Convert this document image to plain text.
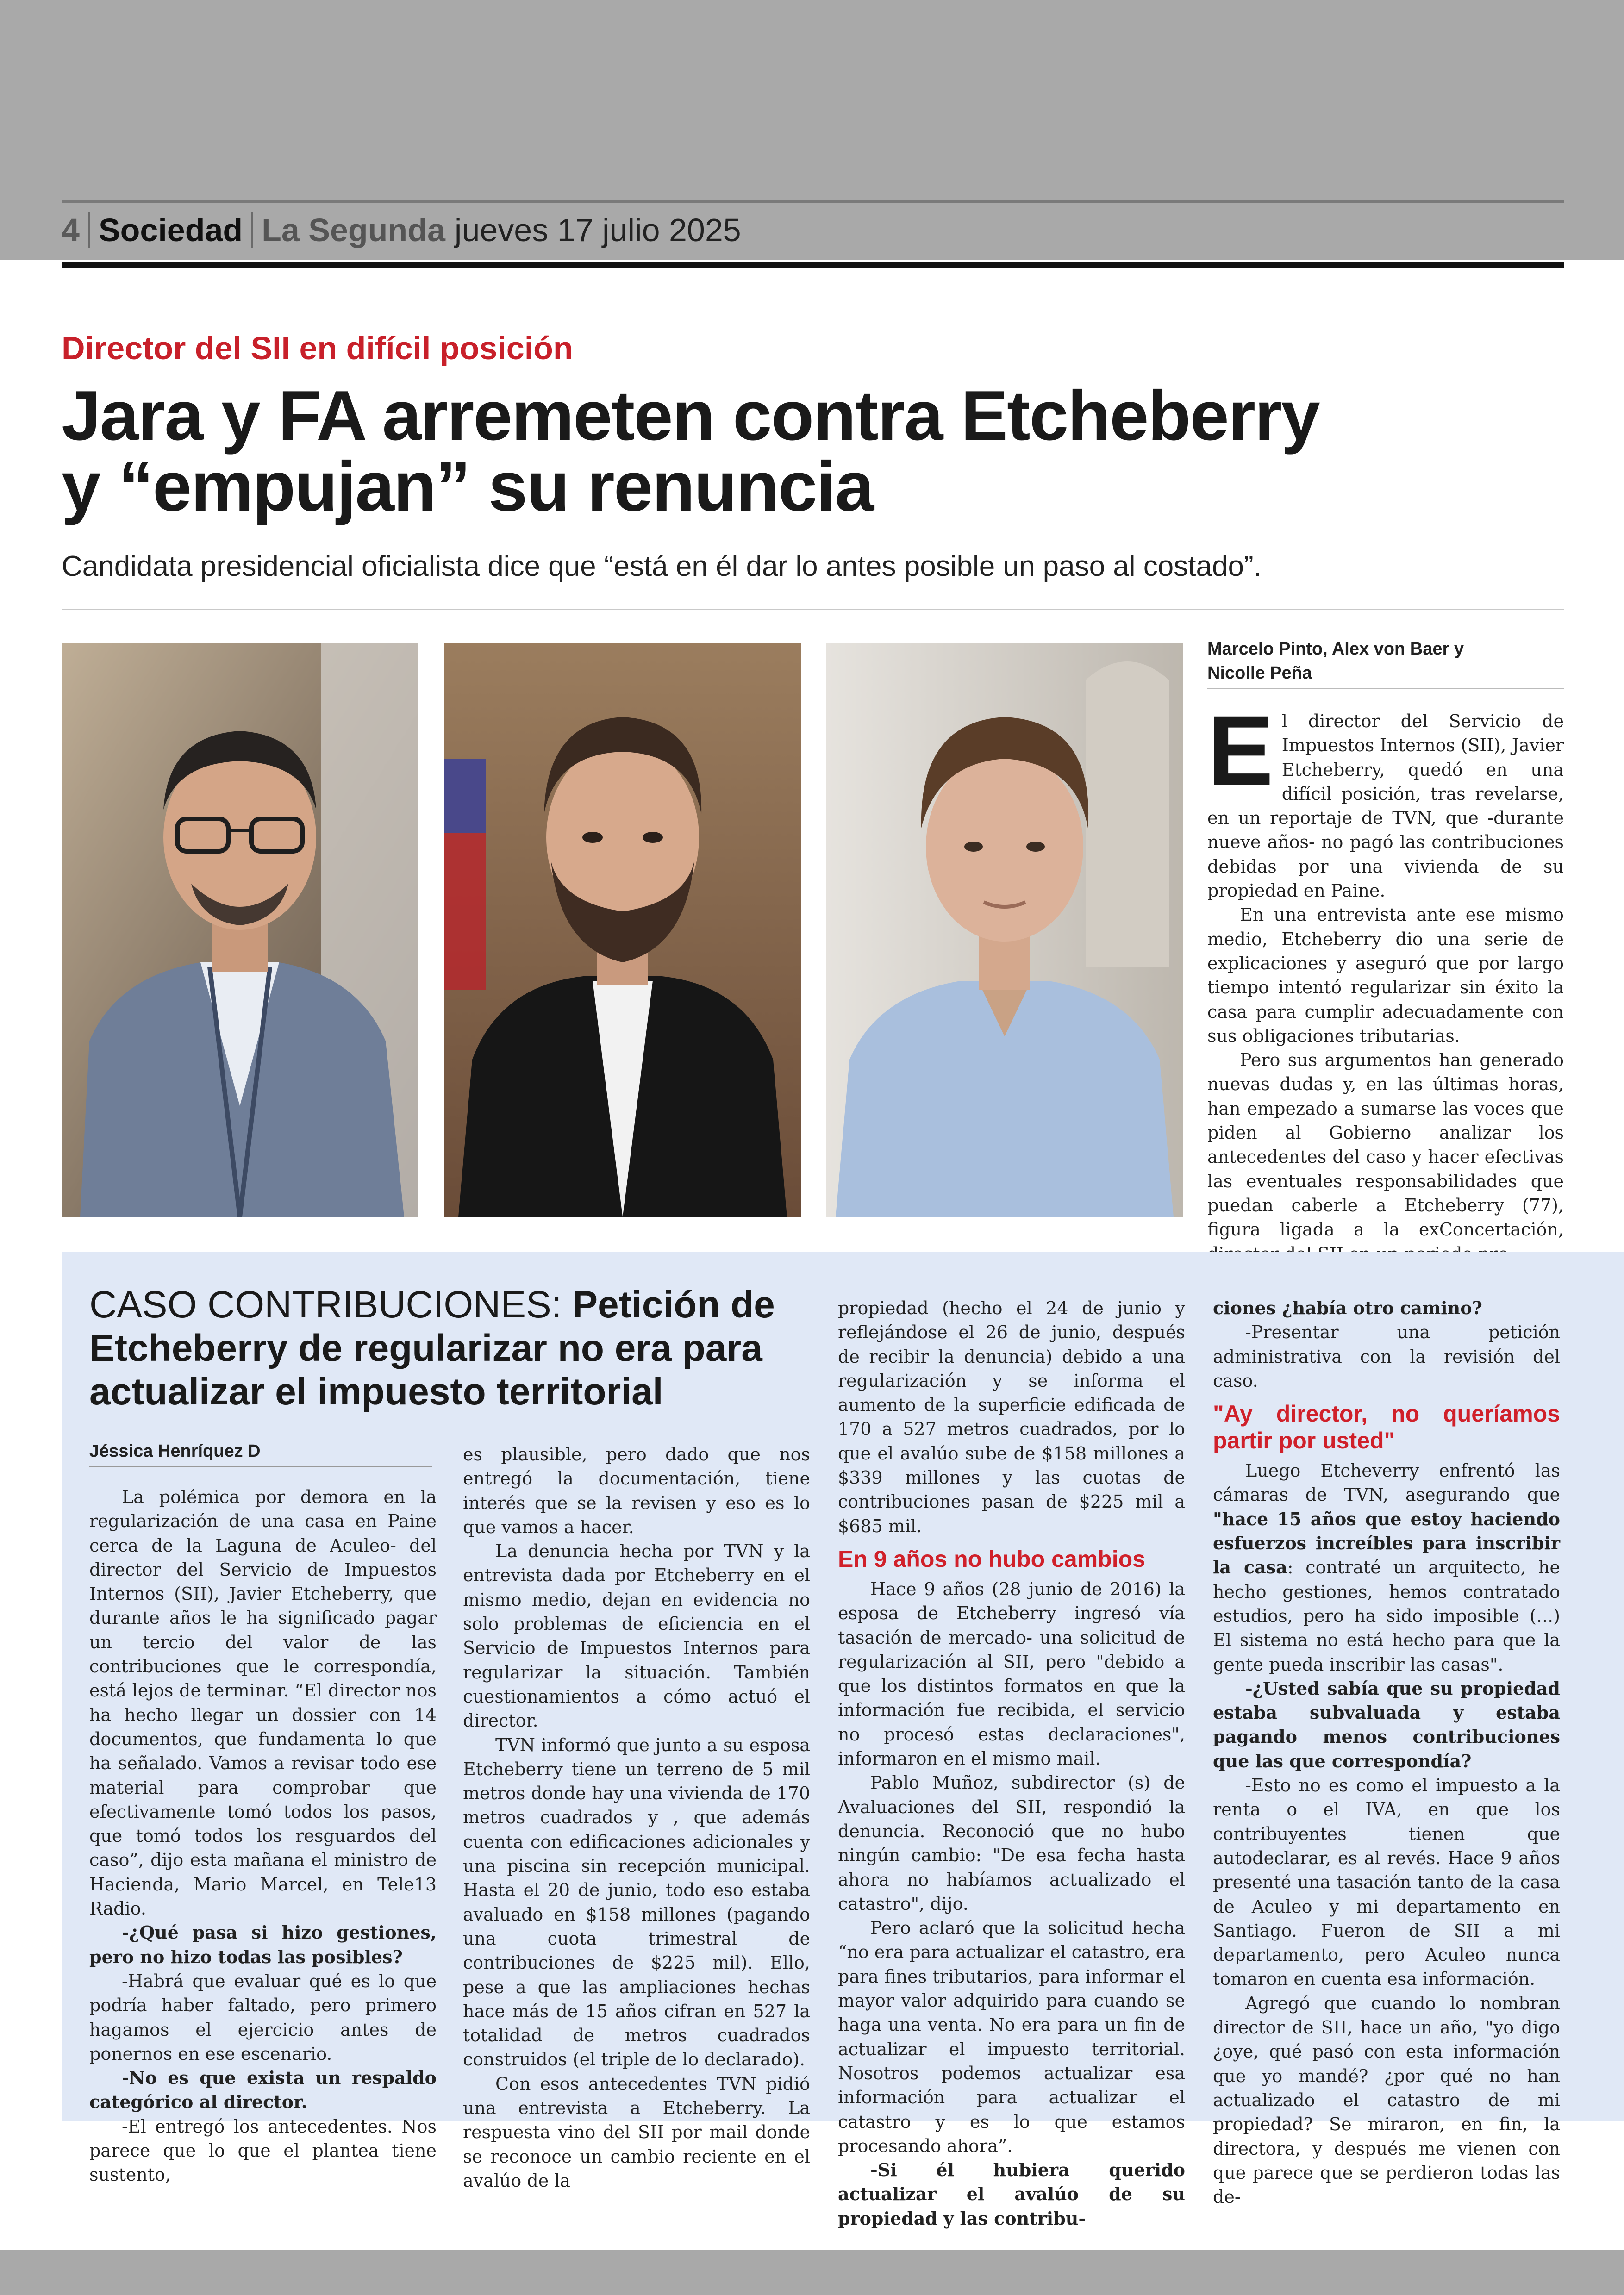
4 Sociedad La Segunda jueves 17 julio 2025
Director del SII en difícil posición
Jara y FA arremeten contra Etcheberry
y “empujan” su renuncia
Candidata presidencial oficialista dice que “está en él dar lo antes posible un paso al costado”.
Marcelo Pinto, Alex von Baer y
Nicolle Peña

El director del Servicio de Impuestos Internos (SII), Javier Etcheberry, quedó en una difícil posición, tras revelarse, en un reportaje de TVN, que -durante nueve años- no pagó las contribuciones debidas por una vivienda de su propiedad en Paine.

En una entrevista ante ese mismo medio, Etcheberry dio una serie de explicaciones y aseguró que por largo tiempo intentó regularizar sin éxito la casa para cumplir adecuadamente con sus obligaciones tributarias.

Pero sus argumentos han generado nuevas dudas y, en las últimas horas, han empezado a sumarse las voces que piden al Gobierno analizar los antecedentes del caso y hacer efectivas las eventuales responsabilidades que puedan caberle a Etcheberry (77), figura ligada a la exConcertación,

CASO CONTRIBUCIONES: Petición de Etcheberry de regularizar no era para actualizar el impuesto territorial
Jéssica Henríquez D

La polémica por demora en la regularización de una casa en Paine cerca de la Laguna de Aculeo- del director del Servicio de Impuestos Internos (SII), Javier Etcheberry, que durante años le ha significado pagar un tercio del valor de las contribuciones que le correspondía, está lejos de terminar. “El director nos ha hecho llegar un dossier con 14 documentos, que fundamenta lo que ha señalado. Vamos a revisar todo ese material para comprobar que efectivamente tomó todos los pasos, que tomó todos los resguardos del caso”, dijo esta mañana el ministro de Hacienda, Mario Marcel, en Tele13 Radio.

-¿Qué pasa si hizo gestiones, pero no hizo todas las posibles?

-Habrá que evaluar qué es lo que podría haber faltado, pero primero hagamos el ejercicio antes de ponernos en ese escenario.

-No es que exista un respaldo categórico al director.

-El entregó los antecedentes. Nos parece que lo que el plantea tiene sustento,

es plausible, pero dado que nos entregó la documentación, tiene interés que se la revisen y eso es lo que vamos a hacer.

La denuncia hecha por TVN y la entrevista dada por Etcheberry en el mismo medio, dejan en evidencia no solo problemas de eficiencia en el Servicio de Impuestos Internos para regularizar la situación. También cuestionamientos a cómo actuó el director.

TVN informó que junto a su esposa Etcheberry tiene un terreno de 5 mil metros donde hay una vivienda de 170 metros cuadrados y , que además cuenta con edificaciones adicionales y una piscina sin recepción municipal. Hasta el 20 de junio, todo eso estaba avaluado en $158 millones (pagando una cuota trimestral de contribuciones de $225 mil). Ello, pese a que las ampliaciones hechas hace más de 15 años cifran en 527 la totalidad de metros cuadrados construidos (el triple de lo declarado).

Con esos antecedentes TVN pidió una entrevista a Etcheberry. La respuesta vino del SII por mail donde se reconoce un cambio reciente en el avalúo de la

propiedad (hecho el 24 de junio y reflejándose el 26 de junio, después de recibir la denuncia) debido a una regularización y se informa el aumento de la superficie edificada de 170 a 527 metros cuadrados, por lo que el avalúo sube de $158 millones a $339 millones y las cuotas de contribuciones pasan de $225 mil a $685 mil.

En 9 años no hubo cambios

Hace 9 años (28 junio de 2016) la esposa de Etcheberry ingresó vía tasación de mercado- una solicitud de regularización al SII, pero "debido a que los distintos formatos en que la información fue recibida, el servicio no procesó estas declaraciones", informaron en el mismo mail.

Pablo Muñoz, subdirector (s) de Avaluaciones del SII, respondió la denuncia. Reconoció que no hubo ningún cambio: "De esa fecha hasta ahora no habíamos actualizado el catastro", dijo.

Pero aclaró que la solicitud hecha “no era para actualizar el catastro, era para fines tributarios, para informar el mayor valor adquirido para cuando se haga una venta. No era para un fin de actualizar el impuesto territorial. Nosotros podemos actualizar esa información para actualizar el catastro y es lo que estamos procesando ahora”.

-Si él hubiera querido actualizar el avalúo de su propiedad y las contribu-

ciones ¿había otro camino?

-Presentar una petición administrativa con la revisión del caso.

"Ay director, no queríamos partir por usted"

Luego Etcheverry enfrentó las cámaras de TVN, asegurando que "hace 15 años que estoy haciendo esfuerzos increíbles para inscribir la casa: contraté un arquitecto, he hecho gestiones, hemos contratado estudios, pero ha sido imposible (...) El sistema no está hecho para que la gente pueda inscribir las casas".

-¿Usted sabía que su propiedad estaba subvaluada y estaba pagando menos contribuciones que las que correspondía?

-Esto no es como el impuesto a la renta o el IVA, en que los contribuyentes tienen que autodeclarar, es al revés. Hace 9 años presenté una tasación tanto de la casa de Aculeo y mi departamento en Santiago. Fueron de SII a mi departamento, pero Aculeo nunca tomaron en cuenta esa información.

Agregó que cuando lo nombran director de SII, hace un año, "yo digo ¿oye, qué pasó con esta información que yo mandé? ¿por qué no han actualizado el catastro de mi propiedad? Se miraron, en fin, la directora, y después me vienen con que parece que se perdieron todas las de-
